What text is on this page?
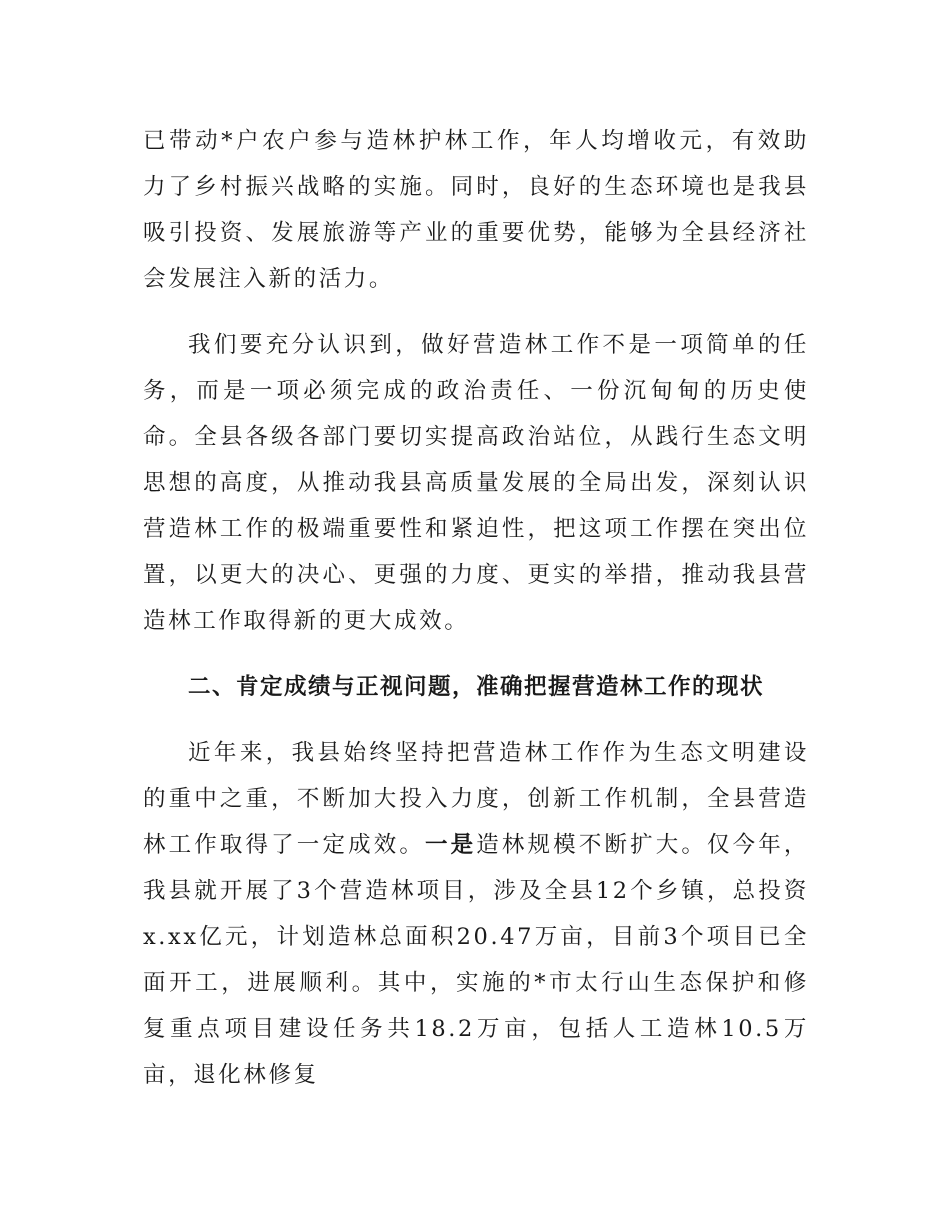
已带动*户农户参与造林护林工作，年人均增收元，有效助力了乡村振兴战略的实施。同时，良好的生态环境也是我县吸引投资、发展旅游等产业的重要优势，能够为全县经济社会发展注入新的活力。

我们要充分认识到，做好营造林工作不是一项简单的任务，而是一项必须完成的政治责任、一份沉甸甸的历史使命。全县各级各部门要切实提高政治站位，从践行生态文明思想的高度，从推动我县高质量发展的全局出发，深刻认识营造林工作的极端重要性和紧迫性，把这项工作摆在突出位置，以更大的决心、更强的力度、更实的举措，推动我县营造林工作取得新的更大成效。

二、肯定成绩与正视问题，准确把握营造林工作的现状

近年来，我县始终坚持把营造林工作作为生态文明建设的重中之重，不断加大投入力度，创新工作机制，全县营造林工作取得了一定成效。一是造林规模不断扩大。仅今年，我县就开展了3个营造林项目，涉及全县12个乡镇，总投资x.xx亿元，计划造林总面积20.47万亩，目前3个项目已全面开工，进展顺利。其中，实施的*市太行山生态保护和修复重点项目建设任务共18.2万亩，包括人工造林10.5万亩，退化林修复
